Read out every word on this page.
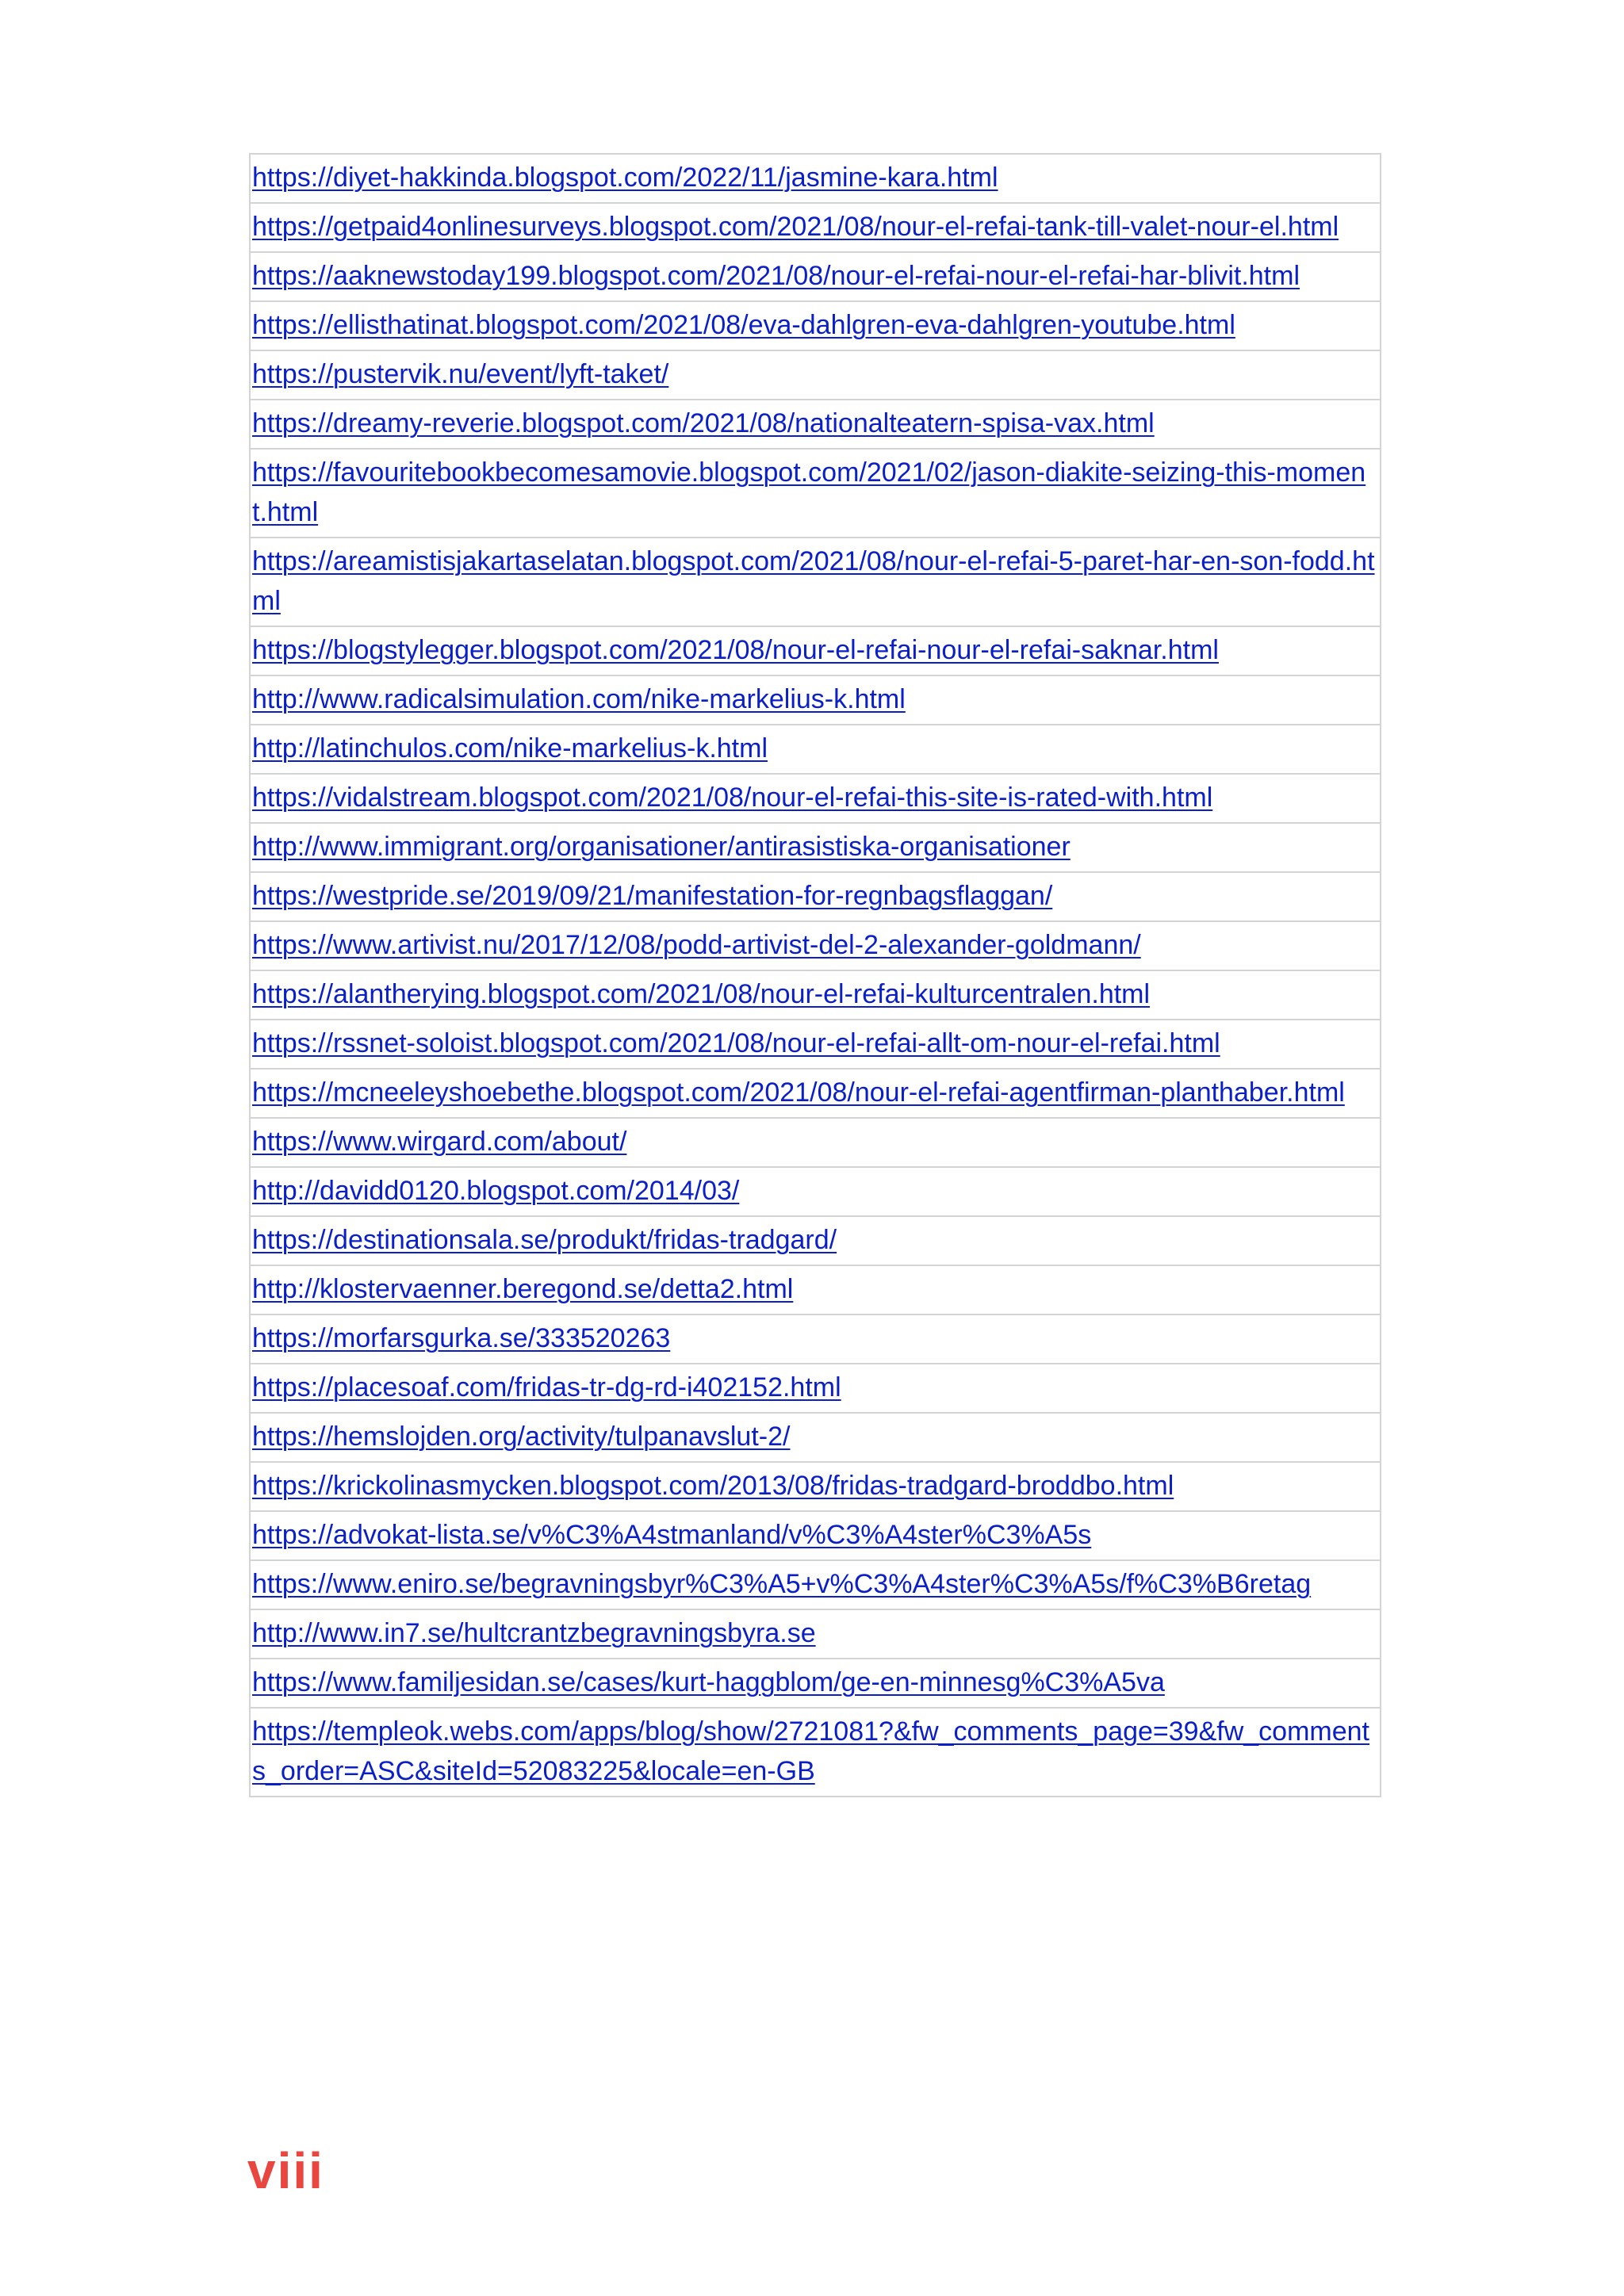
https://diyet-hakkinda.blogspot.com/2022/11/jasmine-kara.html
https://getpaid4onlinesurveys.blogspot.com/2021/08/nour-el-refai-tank-till-valet-nour-el.html
https://aaknewstoday199.blogspot.com/2021/08/nour-el-refai-nour-el-refai-har-blivit.html
https://ellisthatinat.blogspot.com/2021/08/eva-dahlgren-eva-dahlgren-youtube.html
https://pustervik.nu/event/lyft-taket/
https://dreamy-reverie.blogspot.com/2021/08/nationalteatern-spisa-vax.html
https://favouritebookbecomesamovie.blogspot.com/2021/02/jason-diakite-seizing-this-moment.html
https://areamistisjakartaselatan.blogspot.com/2021/08/nour-el-refai-5-paret-har-en-son-fodd.html
https://blogstylegger.blogspot.com/2021/08/nour-el-refai-nour-el-refai-saknar.html
http://www.radicalsimulation.com/nike-markelius-k.html
http://latinchulos.com/nike-markelius-k.html
https://vidalstream.blogspot.com/2021/08/nour-el-refai-this-site-is-rated-with.html
http://www.immigrant.org/organisationer/antirasistiska-organisationer
https://westpride.se/2019/09/21/manifestation-for-regnbagsflaggan/
https://www.artivist.nu/2017/12/08/podd-artivist-del-2-alexander-goldmann/
https://alantherying.blogspot.com/2021/08/nour-el-refai-kulturcentralen.html
https://rssnet-soloist.blogspot.com/2021/08/nour-el-refai-allt-om-nour-el-refai.html
https://mcneeleyshoebethe.blogspot.com/2021/08/nour-el-refai-agentfirman-planthaber.html
https://www.wirgard.com/about/
http://davidd0120.blogspot.com/2014/03/
https://destinationsala.se/produkt/fridas-tradgard/
http://klostervaenner.beregond.se/detta2.html
https://morfarsgurka.se/333520263
https://placesoaf.com/fridas-tr-dg-rd-i402152.html
https://hemslojden.org/activity/tulpanavslut-2/
https://krickolinasmycken.blogspot.com/2013/08/fridas-tradgard-broddbo.html
https://advokat-lista.se/v%C3%A4stmanland/v%C3%A4ster%C3%A5s
https://www.eniro.se/begravningsbyr%C3%A5+v%C3%A4ster%C3%A5s/f%C3%B6retag
http://www.in7.se/hultcrantzbegravningsbyra.se
https://www.familjesidan.se/cases/kurt-haggblom/ge-en-minnesg%C3%A5va
https://templeok.webs.com/apps/blog/show/2721081?&fw_comments_page=39&fw_comments_order=ASC&siteId=52083225&locale=en-GB
viii
